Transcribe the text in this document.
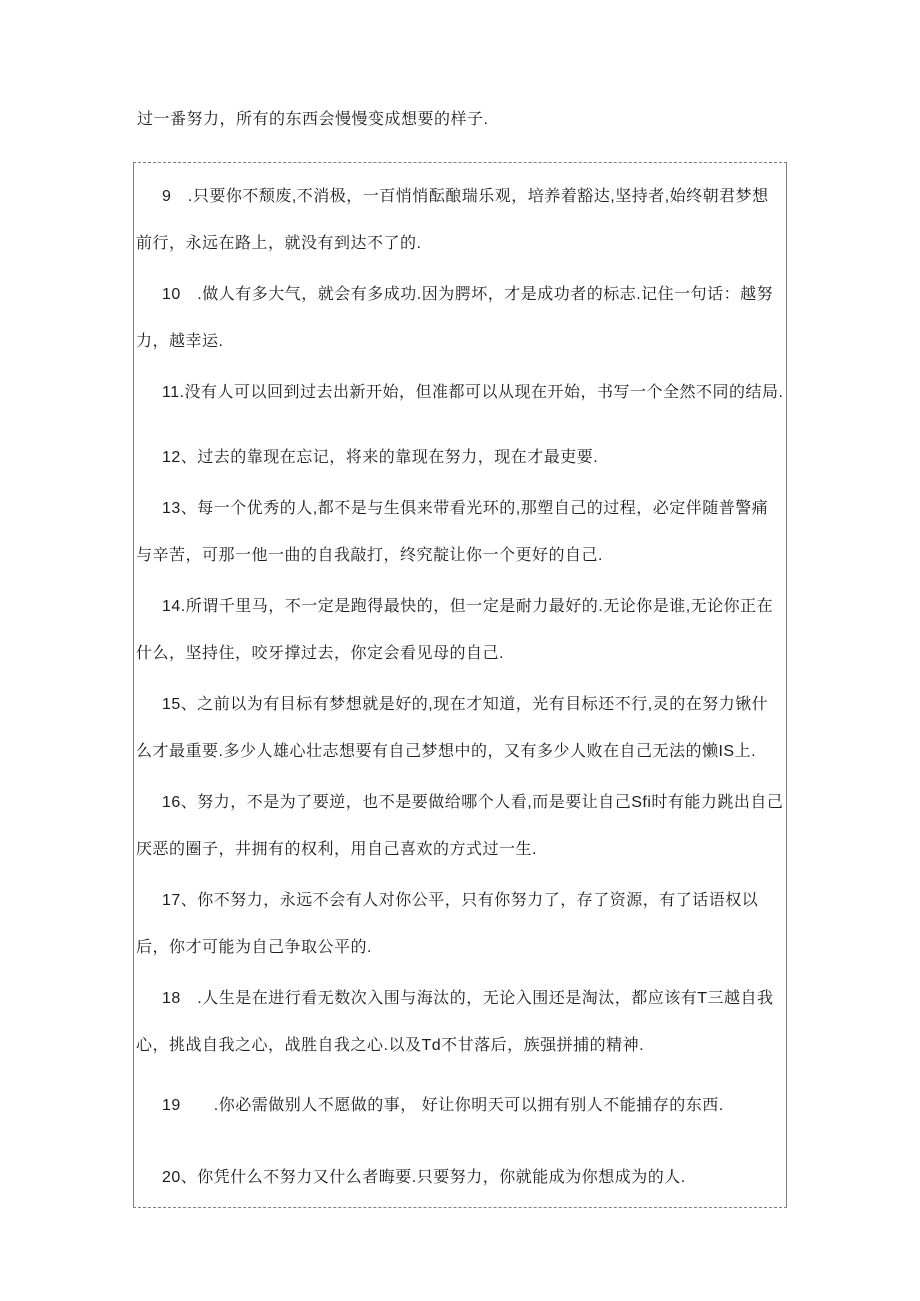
过一番努力，所有的东西会慢慢变成想要的样子.

9　.只要你不颓废,不消极，一百悄悄酝酿瑞乐观，培养着豁达,坚持者,始终朝君梦想前行，永远在路上，就没有到达不了的.

10　.做人有多大气，就会有多成功.因为腭坏，才是成功者的标志.记住一句话：越努力，越幸运.

11.没有人可以回到过去出新开始，但准都可以从现在开始，书写一个全然不同的结局.

12、过去的靠现在忘记，将来的靠现在努力，现在才最吏要.

13、每一个优秀的人,都不是与生俱来带看光环的,那塑自己的过程，必定伴随普警痛与辛苦，可那一他一曲的自我敲打，终究靛让你一个更好的自己.

14.所谓千里马，不一定是跑得最快的，但一定是耐力最好的.无论你是谁,无论你正在什么，坚持住，咬牙撑过去，你定会看见母的自己.

15、之前以为有目标有梦想就是好的,现在才知道，光有目标还不行,灵的在努力锹什么才最重要.多少人雄心壮志想要有自己梦想中的，又有多少人败在自己无法的懒IS上.

16、努力，不是为了要逆，也不是要做给哪个人看,而是要让自己Sfi时有能力跳出自己厌恶的圈子，井拥有的权利，用自己喜欢的方式过一生.

17、你不努力，永远不会有人对你公平，只有你努力了，存了资源，有了话语权以后，你才可能为自己争取公平的.

18　.人生是在进行看无数次入围与海汰的，无论入围还是淘汰，都应该有T三越自我心，挑战自我之心，战胜自我之心.以及Td不甘落后，族强拼捕的精神.

19　　.你必需做别人不愿做的事， 好让你明天可以拥有别人不能捕存的东西.

20、你凭什么不努力又什么者晦要.只要努力，你就能成为你想成为的人.
